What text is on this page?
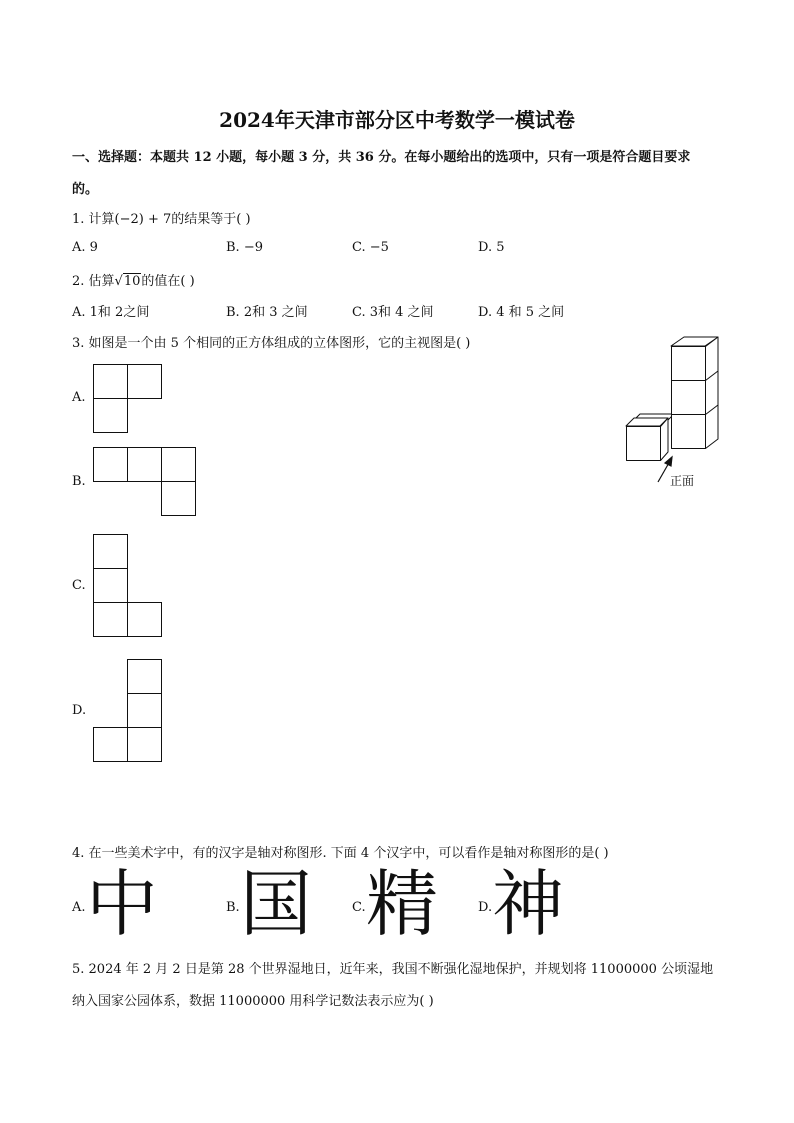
2024年天津市部分区中考数学一模试卷
一、选择题：本题共 12 小题，每小题 3 分，共 36 分。在每小题给出的选项中，只有一项是符合题目要求
的。
1. 计算(−2) + 7的结果等于( )
A. 9	B. −9	C. −5	D. 5
2. 估算√10的值在( )
A. 1和 2之间	B. 2和 3 之间	C. 3和 4 之间	D. 4 和 5 之间
3. 如图是一个由 5 个相同的正方体组成的立体图形，它的主视图是( )
A.
B.
C.
D.
正面
4. 在一些美术字中，有的汉字是轴对称图形. 下面 4 个汉字中，可以看作是轴对称图形的是( )
A. 中	B. 国	C. 精	D. 神
5. 2024 年 2 月 2 日是第 28 个世界湿地日，近年来，我国不断强化湿地保护，并规划将 11000000 公顷湿地
纳入国家公园体系，数据 11000000 用科学记数法表示应为( )
